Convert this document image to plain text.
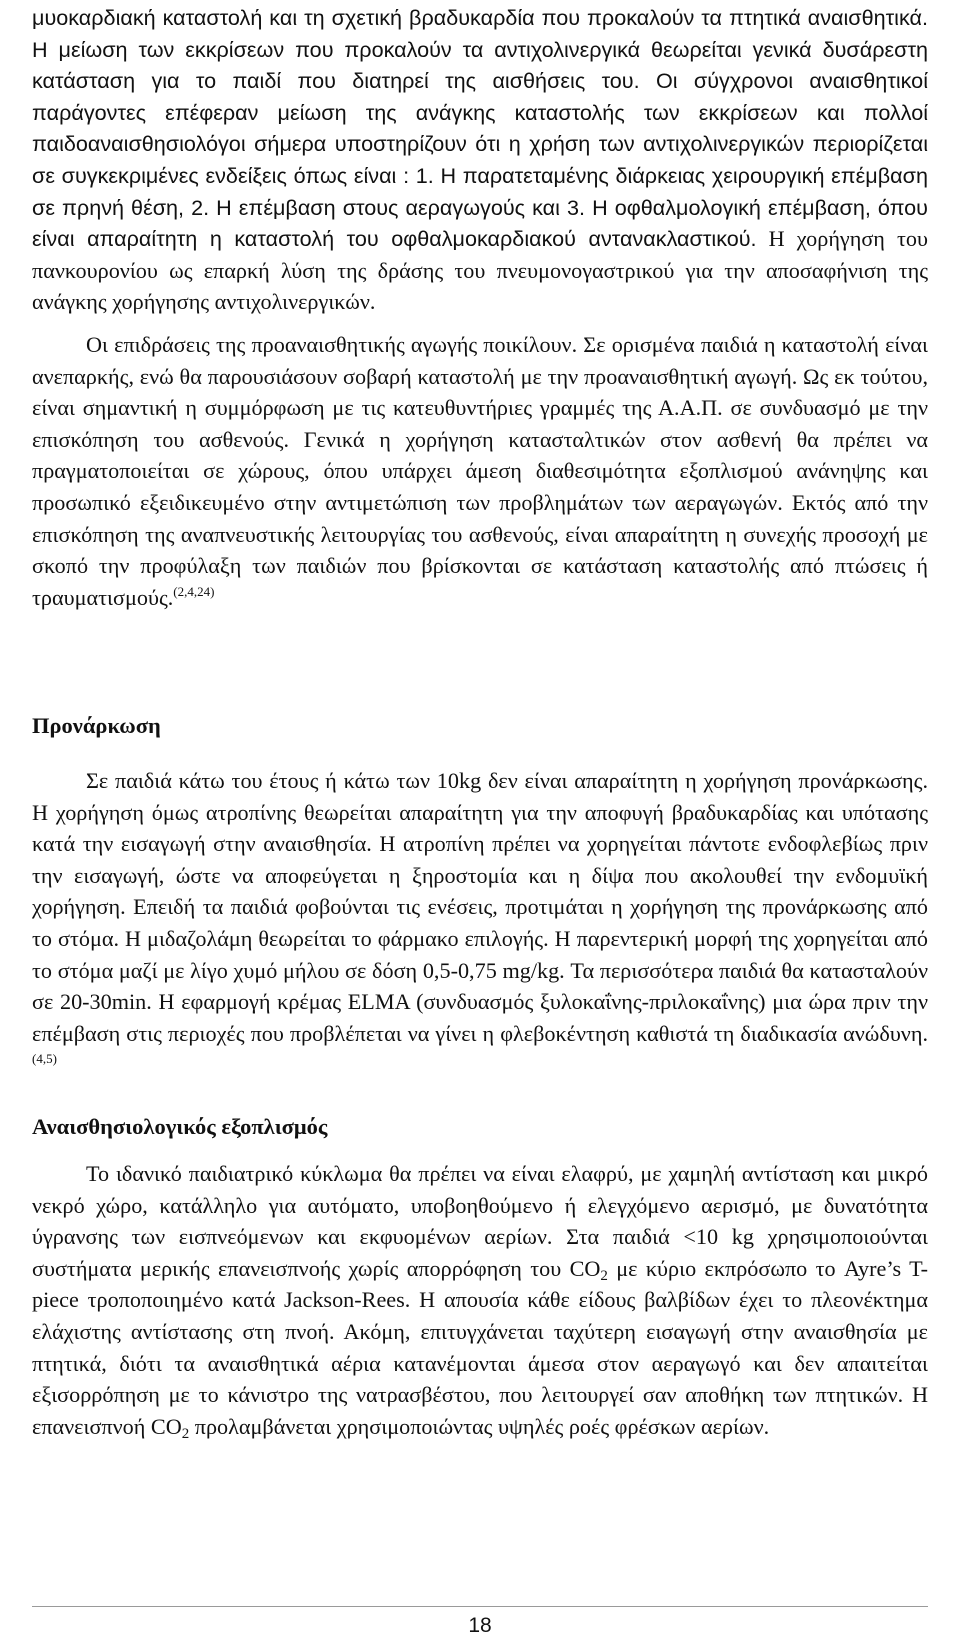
μυοκαρδιακή καταστολή και τη σχετική βραδυκαρδία που προκαλούν τα πτητικά αναισθητικά. Η μείωση των εκκρίσεων που προκαλούν τα αντιχολινεργικά θεωρείται γενικά δυσάρεστη κατάσταση για το παιδί που διατηρεί της αισθήσεις του. Οι σύγχρονοι αναισθητικοί παράγοντες επέφεραν μείωση της ανάγκης καταστολής των εκκρίσεων και πολλοί παιδοαναισθησιολόγοι σήμερα υποστηρίζουν ότι η χρήση των αντιχολινεργικών περιορίζεται σε συγκεκριμένες ενδείξεις όπως είναι : 1. Η παρατεταμένης διάρκειας χειρουργική επέμβαση σε πρηνή θέση, 2. Η επέμβαση στους αεραγωγούς και 3. Η οφθαλμολογική επέμβαση, όπου είναι απαραίτητη η καταστολή του οφθαλμοκαρδιακού αντανακλαστικού. Η χορήγηση του πανκουρονίου ως επαρκή λύση της δράσης του πνευμονογαστρικού για την αποσαφήνιση της ανάγκης χορήγησης αντιχολινεργικών.

Οι επιδράσεις της προαναισθητικής αγωγής ποικίλουν. Σε ορισμένα παιδιά η καταστολή είναι ανεπαρκής, ενώ θα παρουσιάσουν σοβαρή καταστολή με την προαναισθητική αγωγή. Ως εκ τούτου, είναι σημαντική η συμμόρφωση με τις κατευθυντήριες γραμμές της Α.Α.Π. σε συνδυασμό με την επισκόπηση του ασθενούς. Γενικά η χορήγηση κατασταλτικών στον ασθενή θα πρέπει να πραγματοποιείται σε χώρους, όπου υπάρχει άμεση διαθεσιμότητα εξοπλισμού ανάνηψης και προσωπικό εξειδικευμένο στην αντιμετώπιση των προβλημάτων των αεραγωγών. Εκτός από την επισκόπηση της αναπνευστικής λειτουργίας του ασθενούς, είναι απαραίτητη η συνεχής προσοχή με σκοπό την προφύλαξη των παιδιών που βρίσκονται σε κατάσταση καταστολής από πτώσεις ή τραυματισμούς.$^{(2,4,24)}$

Προνάρκωση

Σε παιδιά κάτω του έτους ή κάτω των 10kg δεν είναι απαραίτητη η χορήγηση προνάρκωσης. Η χορήγηση όμως ατροπίνης θεωρείται απαραίτητη για την αποφυγή βραδυκαρδίας και υπότασης κατά την εισαγωγή στην αναισθησία. Η ατροπίνη πρέπει να χορηγείται πάντοτε ενδοφλεβίως πριν την εισαγωγή, ώστε να αποφεύγεται η ξηροστομία και η δίψα που ακολουθεί την ενδομυϊκή χορήγηση. Επειδή τα παιδιά φοβούνται τις ενέσεις, προτιμάται η χορήγηση της προνάρκωσης από το στόμα. Η μιδαζολάμη θεωρείται το φάρμακο επιλογής. Η παρεντερική μορφή της χορηγείται από το στόμα μαζί με λίγο χυμό μήλου σε δόση 0,5-0,75 mg/kg. Τα περισσότερα παιδιά θα κατασταλούν σε 20-30min. Η εφαρμογή κρέμας ELMA (συνδυασμός ξυλοκαΐνης-πριλοκαΐνης) μια ώρα πριν την επέμβαση στις περιοχές που προβλέπεται να γίνει η φλεβοκέντηση καθιστά τη διαδικασία ανώδυνη.$^{(4,5)}$

Αναισθησιολογικός εξοπλισμός

Το ιδανικό παιδιατρικό κύκλωμα θα πρέπει να είναι ελαφρύ, με χαμηλή αντίσταση και μικρό νεκρό χώρο, κατάλληλο για αυτόματο, υποβοηθούμενο ή ελεγχόμενο αερισμό, με δυνατότητα ύγρανσης των εισπνεόμενων και εκφυομένων αερίων. Στα παιδιά <10 kg χρησιμοποιούνται συστήματα μερικής επανεισπνοής χωρίς απορρόφηση του $CO_2$ με κύριο εκπρόσωπο το Ayre’s T-piece τροποποιημένο κατά Jackson-Rees. Η απουσία κάθε είδους βαλβίδων έχει το πλεονέκτημα ελάχιστης αντίστασης στη πνοή. Ακόμη, επιτυγχάνεται ταχύτερη εισαγωγή στην αναισθησία με πτητικά, διότι τα αναισθητικά αέρια κατανέμονται άμεσα στον αεραγωγό και δεν απαιτείται εξισορρόπηση με το κάνιστρο της νατρασβέστου, που λειτουργεί σαν αποθήκη των πτητικών. Η επανεισπνοή $CO_2$ προλαμβάνεται χρησιμοποιώντας υψηλές ροές φρέσκων αερίων.

18
